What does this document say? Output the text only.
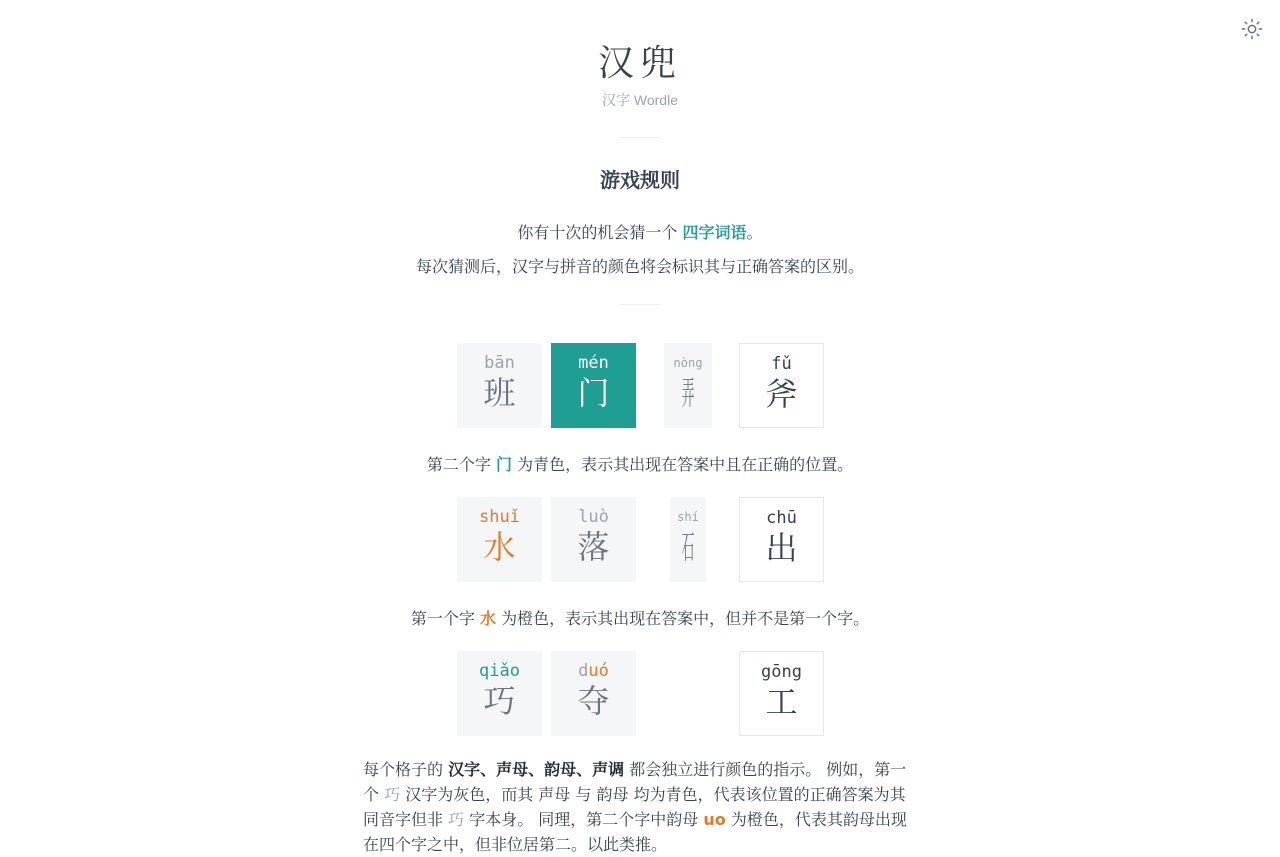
汉兜
汉字 Wordle
游戏规则
你有十次的机会猜一个 四字词语。
每次猜测后，汉字与拼音的颜色将会标识其与正确答案的区别。
bān
班
mén
门
nòng
弄
fǔ
斧
第二个字 门 为青色，表示其出现在答案中且在正确的位置。
shuǐ
水
luò
落
shí
石
chū
出
第一个字 水 为橙色，表示其出现在答案中，但并不是第一个字。
qiǎo
巧
duó
夺
gōng
工
每个格子的 汉字、声母、韵母、声调 都会独立进行颜色的指示。 例如，第一个 巧 汉字为灰色，而其 声母 与 韵母 均为青色，代表该位置的正确答案为其同音字但非 巧 字本身。 同理，第二个字中韵母 uo 为橙色，代表其韵母出现在四个字之中，但非位居第二。以此类推。
